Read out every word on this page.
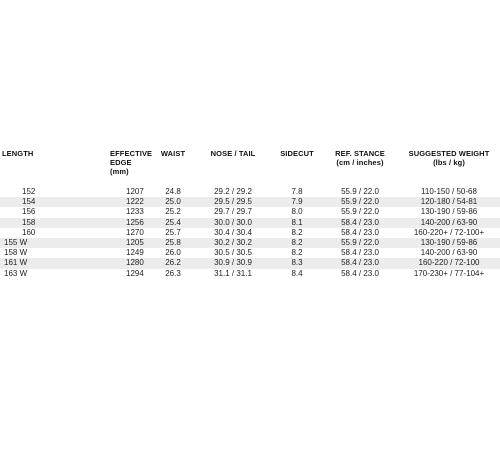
LENGTH	EFFECTIVE
EDGE (mm)	WAIST	NOSE / TAIL	SIDECUT	REF. STANCE
(cm / inches)	SUGGESTED WEIGHT
(lbs / kg)
152	1207	24.8	29.2 / 29.2	7.8	55.9 / 22.0	110-150 / 50-68
154	1222	25.0	29.5 / 29.5	7.9	55.9 / 22.0	120-180 / 54-81
156	1233	25.2	29.7 / 29.7	8.0	55.9 / 22.0	130-190 / 59-86
158	1256	25.4	30.0 / 30.0	8.1	58.4 / 23.0	140-200 / 63-90
160	1270	25.7	30.4 / 30.4	8.2	58.4 / 23.0	160-220+ / 72-100+
155 W	1205	25.8	30.2 / 30.2	8.2	55.9 / 22.0	130-190 / 59-86
158 W	1249	26.0	30.5 / 30.5	8.2	58.4 / 23.0	140-200 / 63-90
161 W	1280	26.2	30.9 / 30.9	8.3	58.4 / 23.0	160-220 / 72-100
163 W	1294	26.3	31.1 / 31.1	8.4	58.4 / 23.0	170-230+ / 77-104+
